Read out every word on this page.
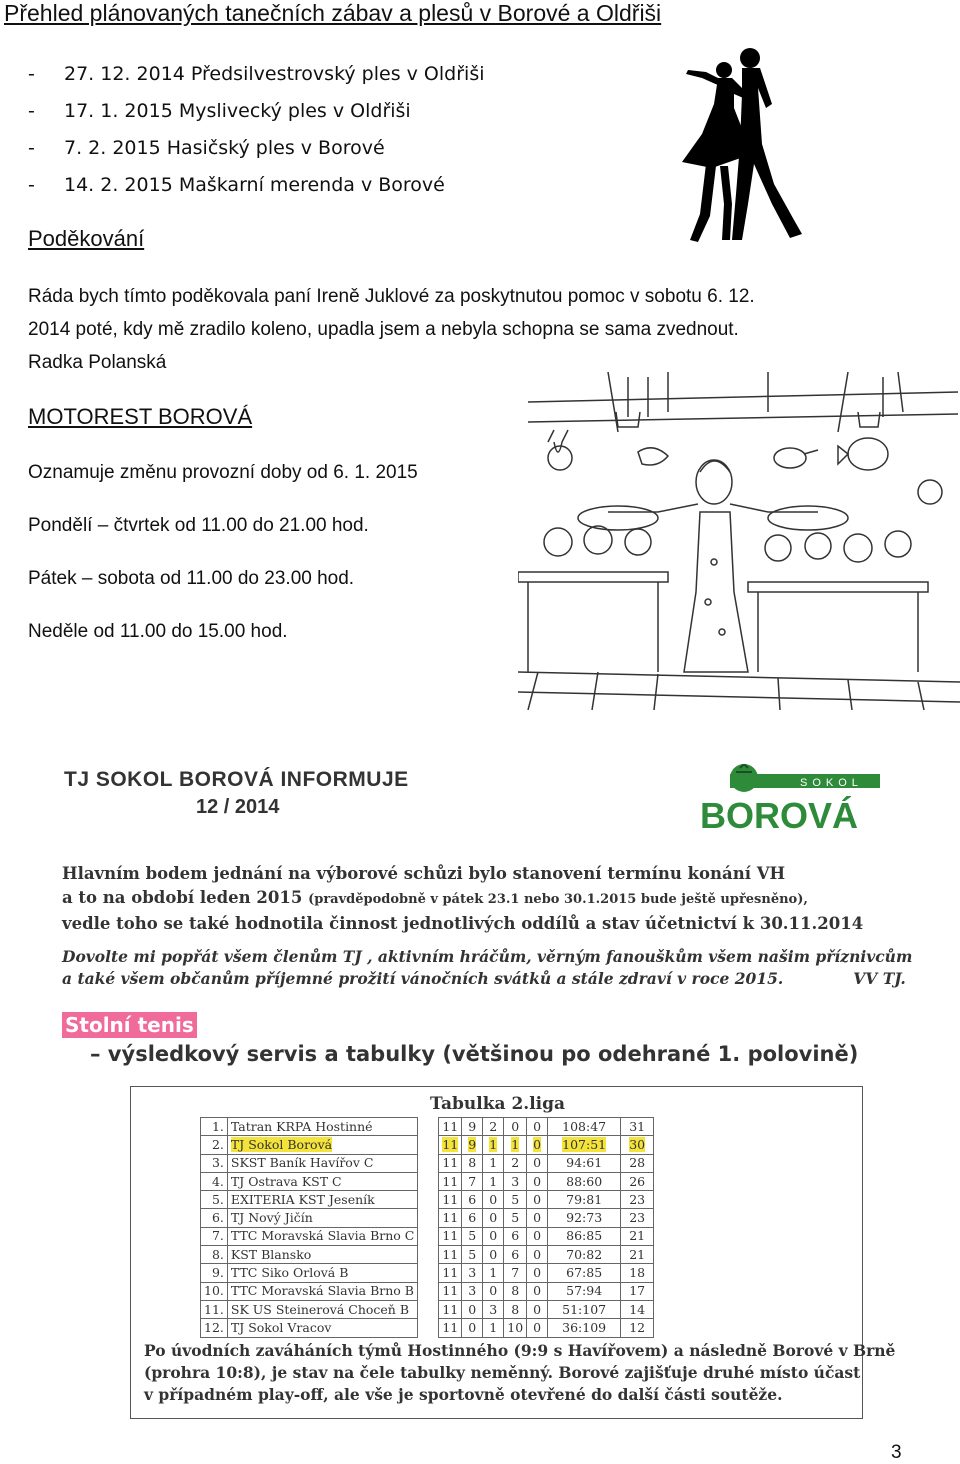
Přehled plánovaných tanečních zábav a plesů v Borové a Oldřiši
- 27. 12. 2014 Předsilvestrovský ples v Oldřiši
- 17. 1. 2015 Myslivecký ples v Oldřiši
- 7. 2. 2015 Hasičský ples v Borové
- 14. 2. 2015 Maškarní merenda v Borové
Poděkování
Ráda bych tímto poděkovala paní Ireně Juklové za poskytnutou pomoc v sobotu 6. 12.
2014 poté, kdy mě zradilo koleno, upadla jsem a nebyla schopna se sama zvednout.
Radka Polanská
MOTOREST BOROVÁ
Oznamuje změnu provozní doby od 6. 1. 2015
Pondělí – čtvrtek od 11.00 do 21.00 hod.
Pátek – sobota od 11.00 do 23.00 hod.
Neděle od 11.00 do 15.00 hod.
TJ SOKOL BOROVÁ INFORMUJE
12 / 2014
SOKOL
BOROVÁ
Hlavním bodem jednání na výborové schůzi bylo stanovení termínu konání VH
a to na období leden 2015 (pravděpodobně v pátek 23.1 nebo 30.1.2015 bude ještě upřesněno),
vedle toho se také hodnotila činnost jednotlivých oddílů a stav účetnictví k 30.11.2014
Dovolte mi popřát všem členům TJ , aktivním hráčům, věrným fanouškům všem našim příznivcům
a také všem občanům příjemné prožití vánočních svátků a stále zdraví v roce 2015.	VV TJ.
Stolní tenis
– výsledkový servis a tabulky (většinou po odehrané 1. polovině)
Tabulka 2.liga
1.	Tatran KRPA Hostinné		11	9	2	0	0	108:47	31
2.	TJ Sokol Borová		11	9	1	1	0	107:51	30
3.	SKST Baník Havířov C		11	8	1	2	0	94:61	28
4.	TJ Ostrava KST C		11	7	1	3	0	88:60	26
5.	EXITERIA KST Jeseník		11	6	0	5	0	79:81	23
6.	TJ Nový Jičín		11	6	0	5	0	92:73	23
7.	TTC Moravská Slavia Brno C		11	5	0	6	0	86:85	21
8.	KST Blansko		11	5	0	6	0	70:82	21
9.	TTC Siko Orlová B		11	3	1	7	0	67:85	18
10.	TTC Moravská Slavia Brno B		11	3	0	8	0	57:94	17
11.	SK US Steinerová Choceň B		11	0	3	8	0	51:107	14
12.	TJ Sokol Vracov		11	0	1	10	0	36:109	12
Po úvodních zaváháních týmů Hostinného (9:9 s Havířovem) a následně Borové v Brně
(prohra 10:8), je stav na čele tabulky neměnný. Borové zajišťuje druhé místo účast
v případném play-off, ale vše je sportovně otevřené do další části soutěže.
3
